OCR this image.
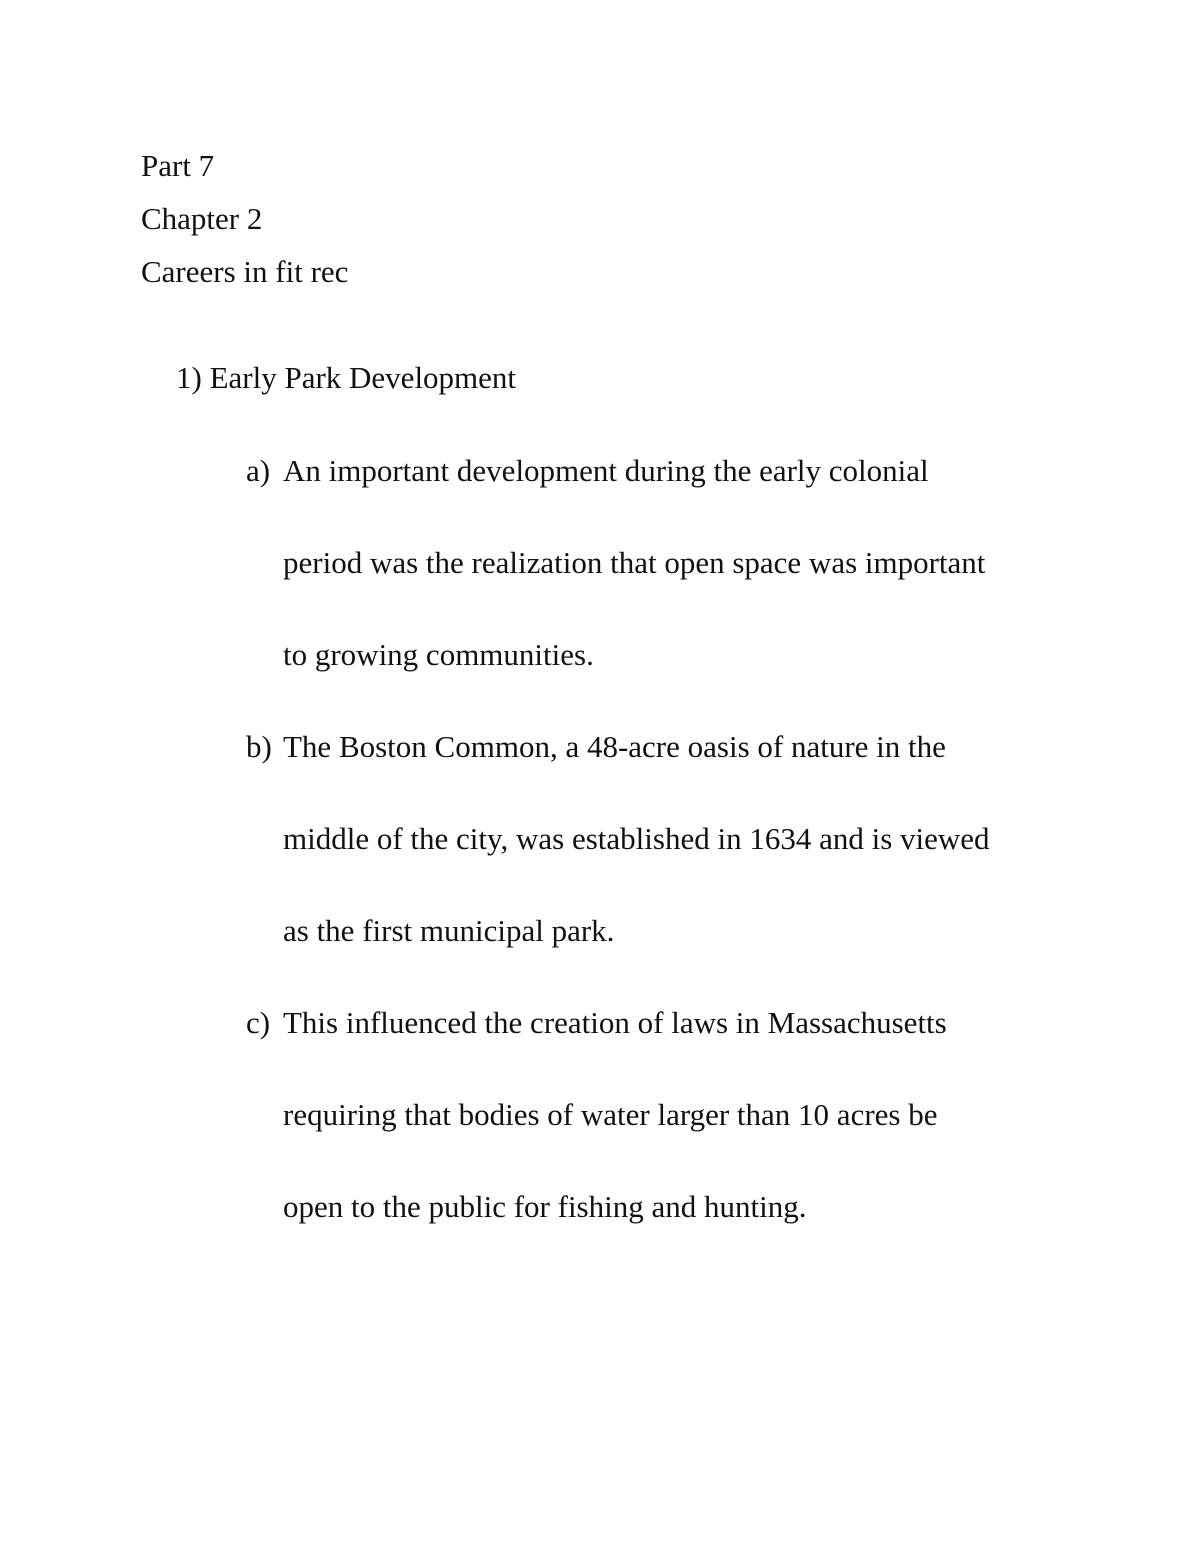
Part 7
Chapter 2
Careers in fit rec
1) Early Park Development
a) An important development during the early colonial
period was the realization that open space was important
to growing communities.
b) The Boston Common, a 48-acre oasis of nature in the
middle of the city, was established in 1634 and is viewed
as the first municipal park.
c) This influenced the creation of laws in Massachusetts
requiring that bodies of water larger than 10 acres be
open to the public for fishing and hunting.
